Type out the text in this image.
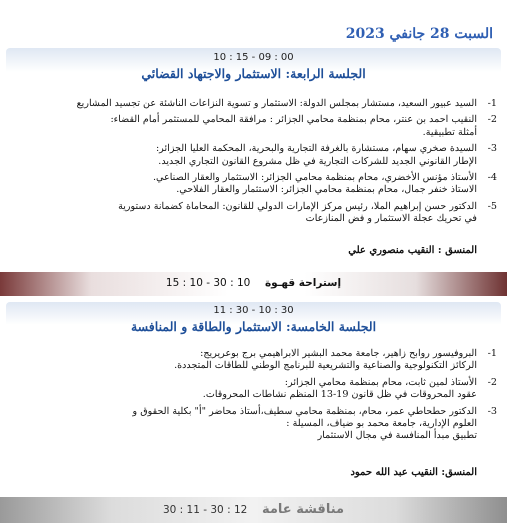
السبت 28 جانفي 2023
10 : 15 - 09 : 00
الجلسة الرابعة: الاستثمار والاجتهاد القضائي
1-
السيد عبيور السعيد، مستشار بمجلس الدولة: الاستثمار و تسوية النزاعات الناشئة عن تجسيد المشاريع
2-
النقيب احمد بن عنتر، محام بمنظمة محامي الجزائر : مرافقة المحامي للمستثمر أمام القضاء:
أمثلة تطبيقية.
3-
السيدة صخري سهام، مستشارة بالغرفة التجارية والبحرية، المحكمة العليا الجزائر:
الإطار القانوني الجديد للشركات التجارية في ظل مشروع القانون التجاري الجديد.
4-
الأستاذ مؤنس الأخضري، محام بمنظمة محامي الجزائر: الاستثمار والعقار الصناعي.
الاستاذ خنفر جمال، محام بمنظمة محامي الجزائر: الاستثمار والعقار الفلاحي.
5-
الدكتور حسن إبراهيم الملا، رئيس مركز الإمارات الدولي للقانون: المحاماة كضمانة دستورية
في تحريك عجلة الاستثمار و فض المنازعات
المنسق : النقيب منصوري علي
إستراحة قهـوة    10 : 30 - 10 : 15
11 : 30 - 10 : 30
الجلسة الخامسة: الاستثمار والطاقة و المنافسة
1-
البروفيسور روابح زاهير، جامعة محمد البشير الابراهيمي برج بوعريريج:
الركائز التكنولوجية والصناعية والتشريعية للبرنامج الوطني للطاقات المتجددة.
2-
الأستاذ لمين ثابت، محام بمنظمة محامي الجزائر:
عقود المحروقات في ظل قانون 19-13 المنظم نشاطات المحروقات.
3-
الدكتور حطحاطي عمر، محام، بمنظمة محامي سطيف،أستاذ محاضر "أ" بكلية الحقوق و
العلوم الإدارية، جامعة محمد بو ضياف، المسيلة :
تطبيق مبدأ المنافسة في مجال الاستثمار
المنسق: النقيب عبد الله حمود
مناقشة عامة    12 : 30 - 11 : 30
